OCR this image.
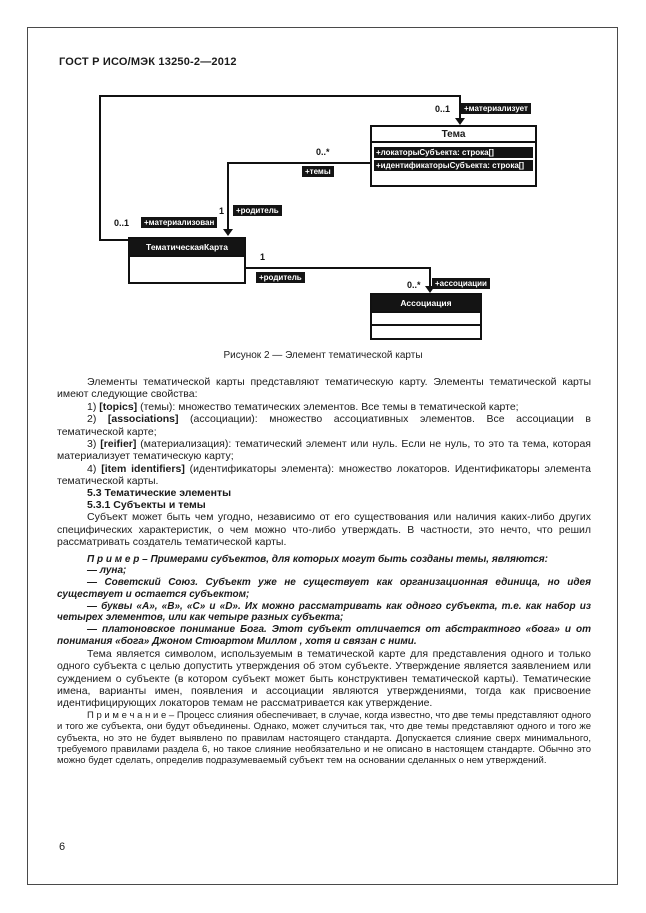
ГОСТ Р ИСО/МЭК 13250-2—2012
Тема
+локаторыСубъекта: строка[]
+идентификаторыСубъекта: строка[]
ТематическаяКарта
Ассоциация
0..1	+материализует
0..*
+темы
1	+родитель
0..1	+материализован
1
+родитель
0..*	+ассоциации
Рисунок 2 — Элемент тематической карты

Элементы тематической карты представляют тематическую карту. Элементы тематической карты имеют следующие свойства:

1) [topics] (темы): множество тематических элементов. Все темы в тематической карте;

2) [associations] (ассоциации): множество ассоциативных элементов. Все ассоциации в тематической карте;

3) [reifier] (материализация): тематический элемент или нуль. Если не нуль, то это та тема, которая материализует тематическую карту;

4) [item identifiers] (идентификаторы элемента): множество локаторов. Идентификаторы элемента тематической карты.

5.3 Тематические элементы

5.3.1 Субъекты и темы

Субъект может быть чем угодно, независимо от его существования или наличия каких-либо других специфических характеристик, о чем можно что-либо утверждать. В частности, это нечто, что решил рассматривать создатель тематической карты.

П р и м е р – Примерами субъектов, для которых могут быть созданы темы, являются:

— луна;

— Советский Союз. Субъект уже не существует как организационная единица, но идея существует и остается субъектом;

— буквы «А», «В», «С» и «D». Их можно рассматривать как одного субъекта, т.е. как набор из четырех элементов, или как четыре разных субъекта;

— платоновское понимание Бога. Этот субъект отличается от абстрактного «бога» и от понимания «бога» Джоном Стюартом Миллом , хотя и связан с ними.

Тема является символом, используемым в тематической карте для представления одного и только одного субъекта с целью допустить утверждения об этом субъекте. Утверждение является заявлением или суждением о субъекте (в котором субъект может быть конструктивен тематической карты). Тематические имена, варианты имен, появления и ассоциации являются утверждениями, тогда как присвоение идентифицирующих локаторов темам не рассматривается как утверждение.

П р и м е ч а н и е – Процесс слияния обеспечивает, в случае, когда известно, что две темы представляют одного и того же субъекта, они будут объединены. Однако, может случиться так, что две темы представляют одного и того же субъекта, но это не будет выявлено по правилам настоящего стандарта. Допускается слияние сверх минимального, требуемого правилами раздела 6, но такое слияние необязательно и не описано в настоящем стандарте. Обычно это можно будет сделать, определив подразумеваемый субъект тем на основании сделанных о нем утверждений.

6
